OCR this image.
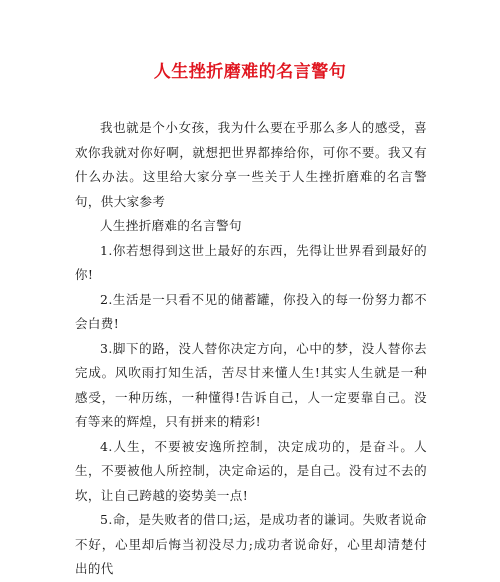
人生挫折磨难的名言警句

我也就是个小女孩，我为什么要在乎那么多人的感受，喜欢你我就对你好啊，就想把世界都捧给你，可你不要。我又有什么办法。这里给大家分享一些关于人生挫折磨难的名言警句，供大家参考

人生挫折磨难的名言警句

1.你若想得到这世上最好的东西，先得让世界看到最好的你!

2.生活是一只看不见的储蓄罐，你投入的每一份努力都不会白费!

3.脚下的路，没人替你决定方向，心中的梦，没人替你去完成。风吹雨打知生活，苦尽甘来懂人生!其实人生就是一种感受，一种历练，一种懂得!告诉自己，人一定要靠自己。没有等来的辉煌，只有拼来的精彩!

4.人生，不要被安逸所控制，决定成功的，是奋斗。人生，不要被他人所控制，决定命运的，是自己。没有过不去的坎，让自己跨越的姿势美一点!

5.命，是失败者的借口;运，是成功者的谦词。失败者说命不好，心里却后悔当初没尽力;成功者说命好，心里却清楚付出的代
